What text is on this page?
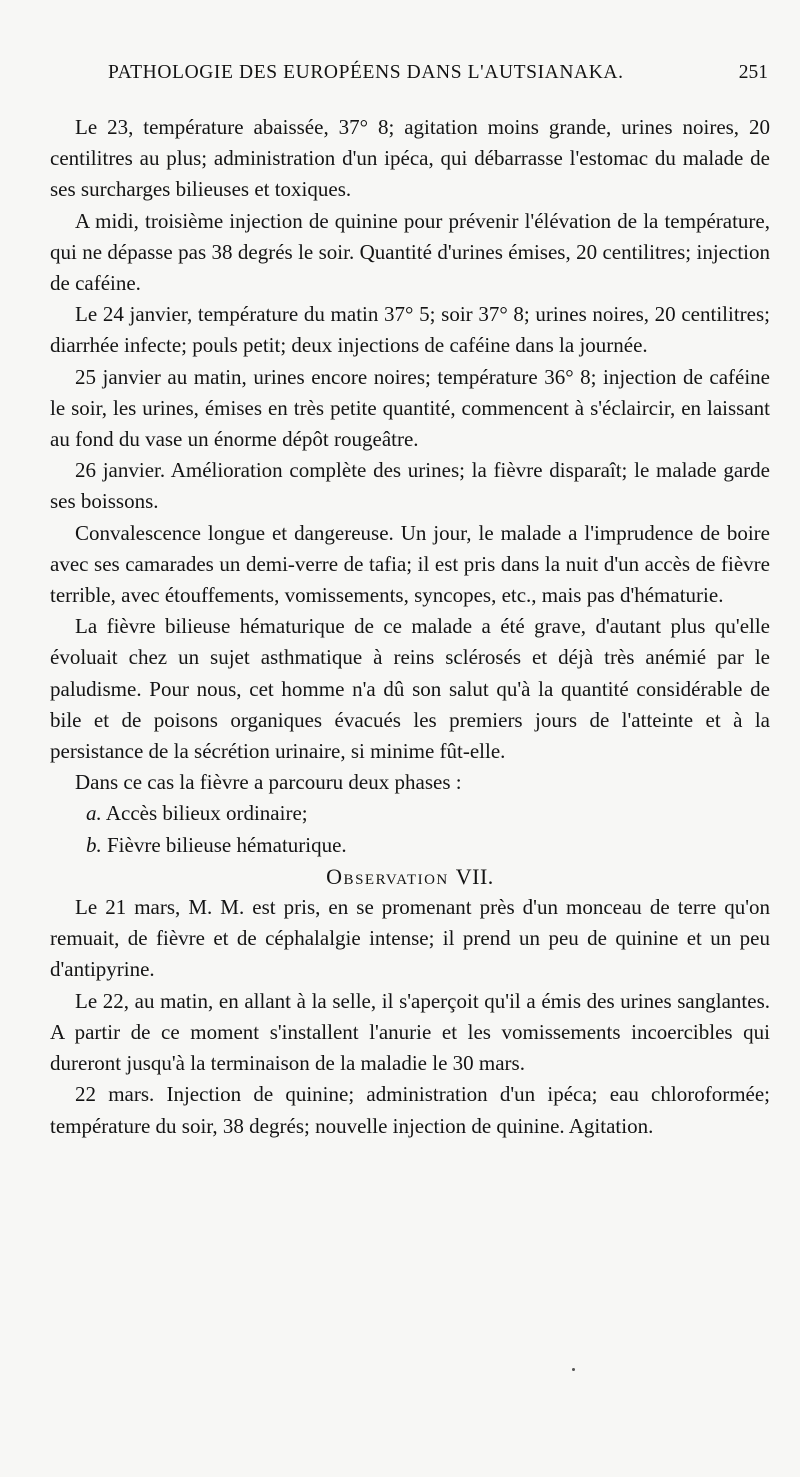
PATHOLOGIE DES EUROPÉENS DANS L'AUTSIANAKA.	251

Le 23, température abaissée, 37° 8; agitation moins grande, urines noires, 20 centilitres au plus; administration d'un ipéca, qui débarrasse l'estomac du malade de ses surcharges bilieuses et toxiques.

A midi, troisième injection de quinine pour prévenir l'élévation de la température, qui ne dépasse pas 38 degrés le soir. Quantité d'urines émises, 20 centilitres; injection de caféine.

Le 24 janvier, température du matin 37° 5; soir 37° 8; urines noires, 20 centilitres; diarrhée infecte; pouls petit; deux injections de caféine dans la journée.

25 janvier au matin, urines encore noires; température 36° 8; injection de caféine le soir, les urines, émises en très petite quantité, commencent à s'éclaircir, en laissant au fond du vase un énorme dépôt rougeâtre.

26 janvier. Amélioration complète des urines; la fièvre disparaît; le malade garde ses boissons.

Convalescence longue et dangereuse. Un jour, le malade a l'imprudence de boire avec ses camarades un demi-verre de tafia; il est pris dans la nuit d'un accès de fièvre terrible, avec étouffements, vomissements, syncopes, etc., mais pas d'hématurie.

La fièvre bilieuse hématurique de ce malade a été grave, d'autant plus qu'elle évoluait chez un sujet asthmatique à reins sclérosés et déjà très anémié par le paludisme. Pour nous, cet homme n'a dû son salut qu'à la quantité considérable de bile et de poisons organiques évacués les premiers jours de l'atteinte et à la persistance de la sécrétion urinaire, si minime fût-elle.

Dans ce cas la fièvre a parcouru deux phases :

a. Accès bilieux ordinaire;

b. Fièvre bilieuse hématurique.

Observation VII.

Le 21 mars, M. M. est pris, en se promenant près d'un monceau de terre qu'on remuait, de fièvre et de céphalalgie intense; il prend un peu de quinine et un peu d'antipyrine.

Le 22, au matin, en allant à la selle, il s'aperçoit qu'il a émis des urines sanglantes. A partir de ce moment s'installent l'anurie et les vomissements incoercibles qui dureront jusqu'à la terminaison de la maladie le 30 mars.

22 mars. Injection de quinine; administration d'un ipéca; eau chloroformée; température du soir, 38 degrés; nouvelle injection de quinine. Agitation.
